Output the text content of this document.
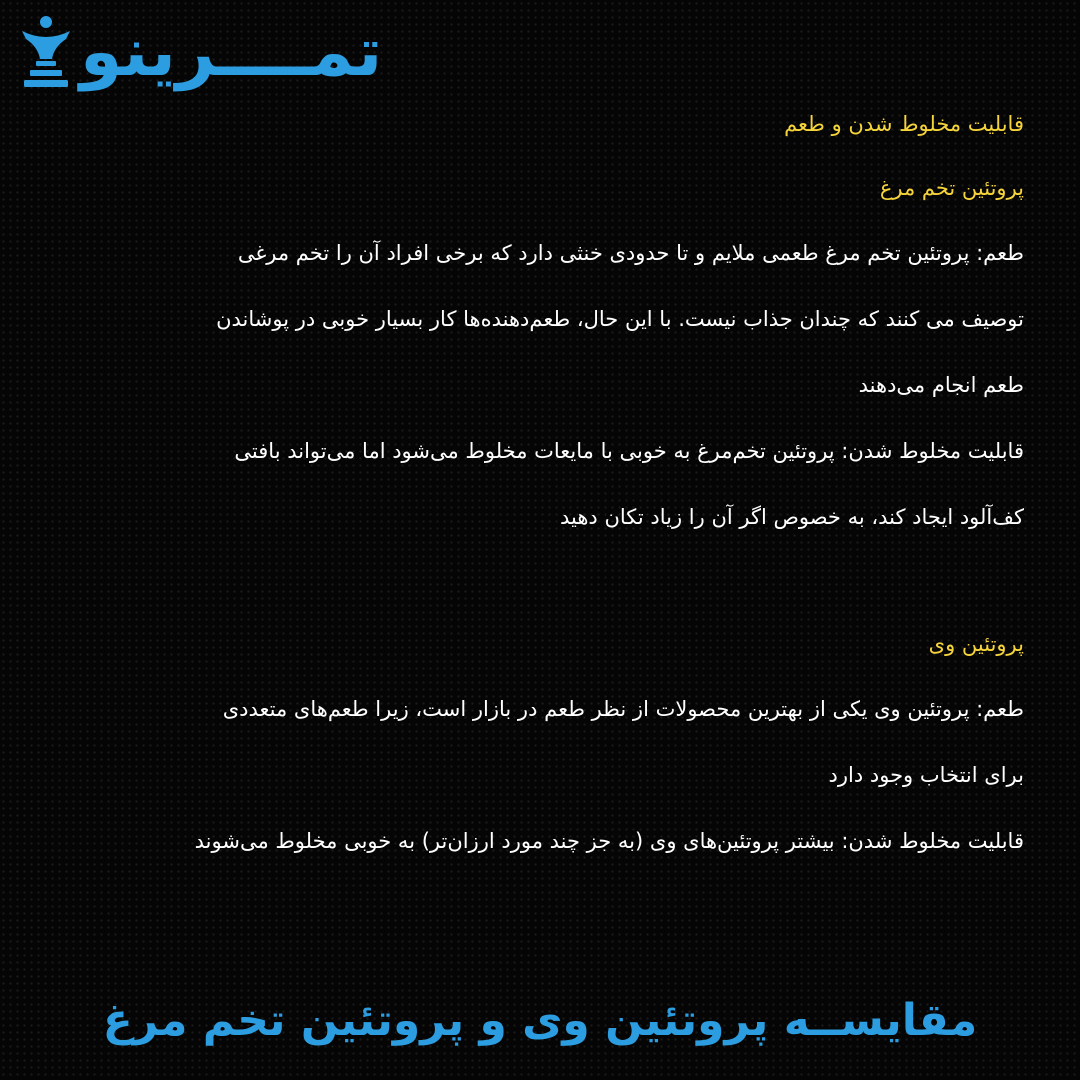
تمــــرینو
قابلیت مخلوط شدن و طعم
پروتئین تخم مرغ
طعم: پروتئین تخم مرغ طعمی ملایم و تا حدودی خنثی دارد که برخی افراد آن را تخم مرغی
توصیف می کنند که چندان جذاب نیست. با این حال، طعم‌دهنده‌ها کار بسیار خوبی در پوشاندن
طعم انجام می‌دهند
قابلیت مخلوط شدن: پروتئین تخم‌مرغ به خوبی با مایعات مخلوط می‌شود اما می‌تواند بافتی
کف‌آلود ایجاد کند، به خصوص اگر آن را زیاد تکان دهید
پروتئین وی
طعم: پروتئین وی یکی از بهترین محصولات از نظر طعم در بازار است، زیرا طعم‌های متعددی
برای انتخاب وجود دارد
قابلیت مخلوط شدن: بیشتر پروتئین‌های وی (به جز چند مورد ارزان‌تر) به خوبی مخلوط می‌شوند
مقایســه پروتئین وی و پروتئین تخم مرغ
